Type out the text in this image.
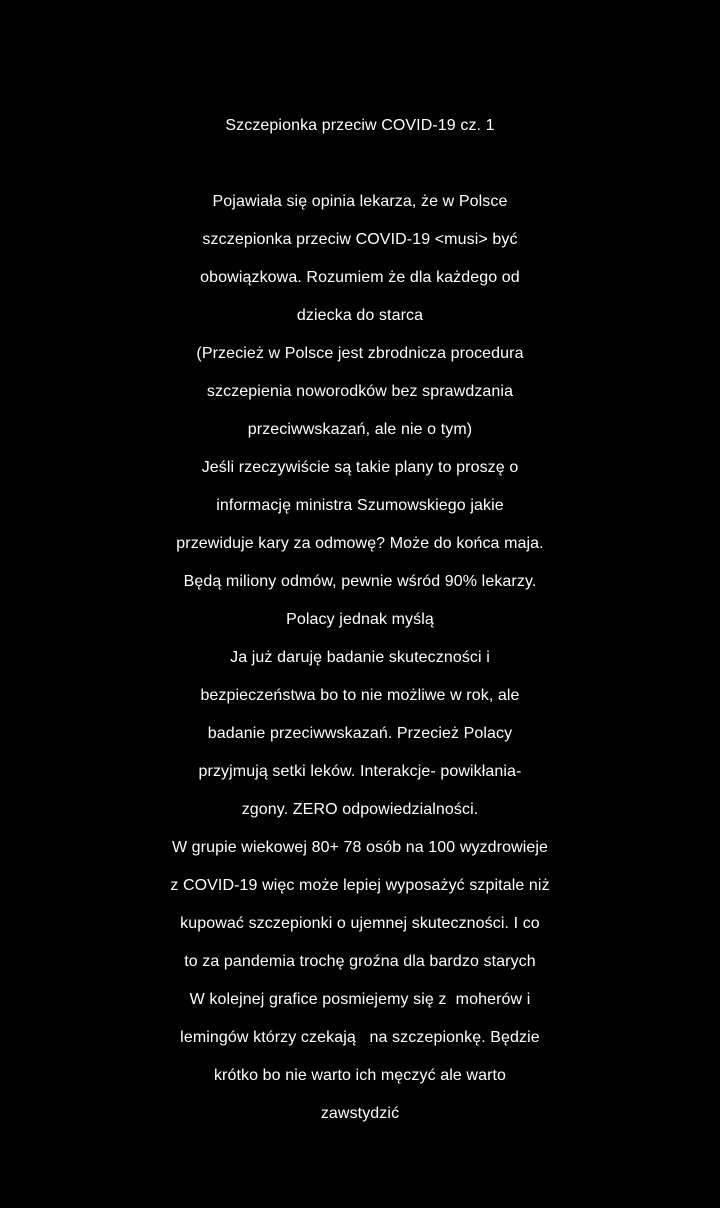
Szczepionka przeciw COVID-19 cz. 1
Pojawiała się opinia lekarza, że w Polsce
szczepionka przeciw COVID-19 <musi> być
obowiązkowa. Rozumiem że dla każdego od
dziecka do starca
(Przecież w Polsce jest zbrodnicza procedura
szczepienia noworodków bez sprawdzania
przeciwwskazań, ale nie o tym)
Jeśli rzeczywiście są takie plany to proszę o
informację ministra Szumowskiego jakie
przewiduje kary za odmowę? Może do końca maja.
Będą miliony odmów, pewnie wśród 90% lekarzy.
Polacy jednak myślą
Ja już daruję badanie skuteczności i
bezpieczeństwa bo to nie możliwe w rok, ale
badanie przeciwwskazań. Przecież Polacy
przyjmują setki leków. Interakcje- powikłania-
zgony. ZERO odpowiedzialności.
W grupie wiekowej 80+ 78 osób na 100 wyzdrowieje
z COVID-19 więc może lepiej wyposażyć szpitale niż
kupować szczepionki o ujemnej skuteczności. I co
to za pandemia trochę groźna dla bardzo starych
W kolejnej grafice posmiejemy się z  moherów i
lemingów którzy czekają   na szczepionkę. Będzie
krótko bo nie warto ich męczyć ale warto
zawstydzić
